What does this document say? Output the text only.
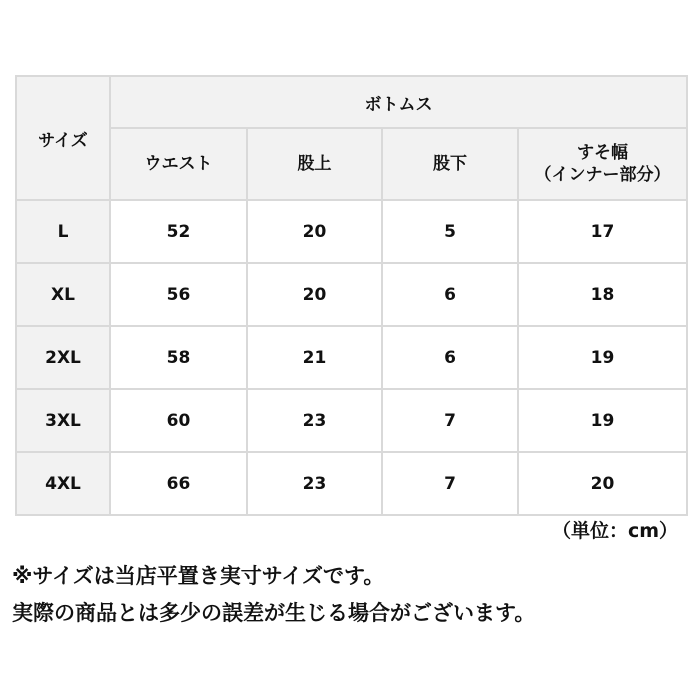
サイズ	ボトムス			

	ウエスト	股上	股下	すそ幅
（インナー部分）

L	52	20	5	17
XL	56	20	6	18
2XL	58	21	6	19
3XL	60	23	7	19
4XL	66	23	7	20
（単位：cm）
※サイズは当店平置き実寸サイズです。
実際の商品とは多少の誤差が生じる場合がございます。
